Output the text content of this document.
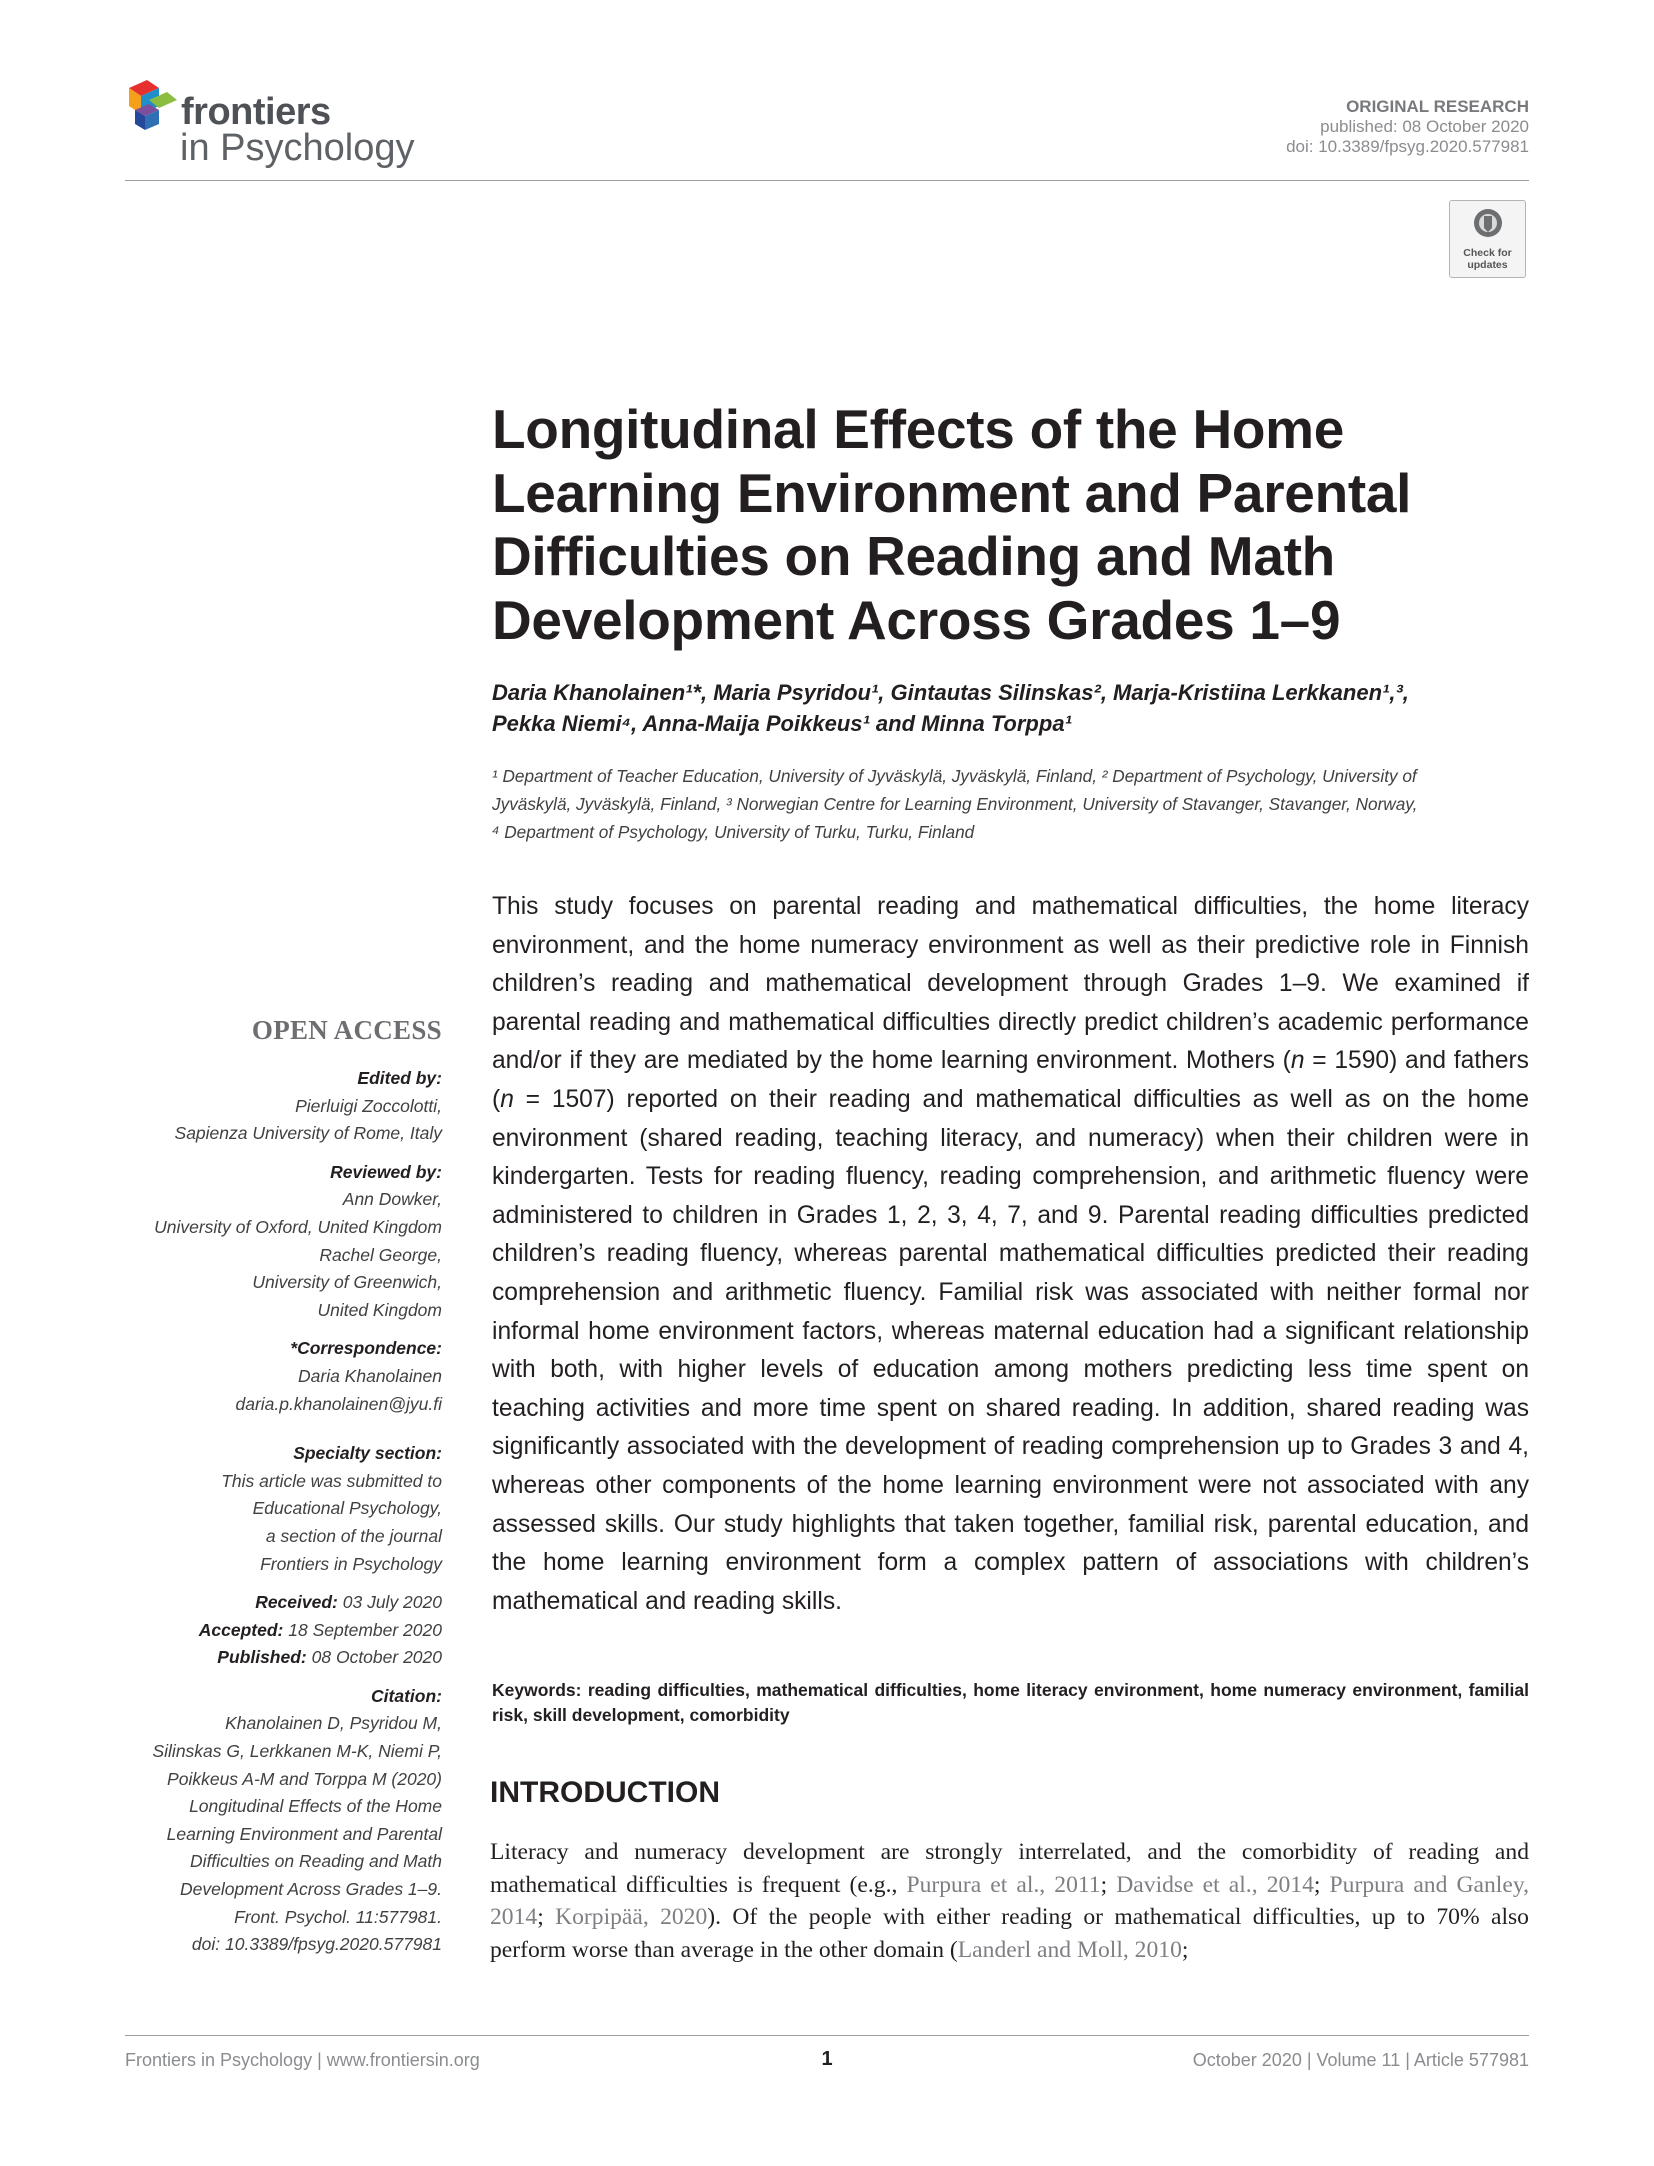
frontiers
in Psychology
ORIGINAL RESEARCH
published: 08 October 2020
doi: 10.3389/fpsyg.2020.577981
Check for updates
Longitudinal Effects of the Home
Learning Environment and Parental
Difficulties on Reading and Math
Development Across Grades 1–9
Daria Khanolainen¹*, Maria Psyridou¹, Gintautas Silinskas², Marja-Kristiina Lerkkanen¹,³,
Pekka Niemi⁴, Anna-Maija Poikkeus¹ and Minna Torppa¹
¹ Department of Teacher Education, University of Jyväskylä, Jyväskylä, Finland, ² Department of Psychology, University of
Jyväskylä, Jyväskylä, Finland, ³ Norwegian Centre for Learning Environment, University of Stavanger, Stavanger, Norway,
⁴ Department of Psychology, University of Turku, Turku, Finland
This study focuses on parental reading and mathematical difficulties, the home literacy environment, and the home numeracy environment as well as their predictive role in Finnish children’s reading and mathematical development through Grades 1–9. We examined if parental reading and mathematical difficulties directly predict children’s academic performance and/or if they are mediated by the home learning environment. Mothers (n = 1590) and fathers (n = 1507) reported on their reading and mathematical difficulties as well as on the home environment (shared reading, teaching literacy, and numeracy) when their children were in kindergarten. Tests for reading fluency, reading comprehension, and arithmetic fluency were administered to children in Grades 1, 2, 3, 4, 7, and 9. Parental reading difficulties predicted children’s reading fluency, whereas parental mathematical difficulties predicted their reading comprehension and arithmetic fluency. Familial risk was associated with neither formal nor informal home environment factors, whereas maternal education had a significant relationship with both, with higher levels of education among mothers predicting less time spent on teaching activities and more time spent on shared reading. In addition, shared reading was significantly associated with the development of reading comprehension up to Grades 3 and 4, whereas other components of the home learning environment were not associated with any assessed skills. Our study highlights that taken together, familial risk, parental education, and the home learning environment form a complex pattern of associations with children’s mathematical and reading skills.
Keywords: reading difficulties, mathematical difficulties, home literacy environment, home numeracy environment, familial risk, skill development, comorbidity
INTRODUCTION
Literacy and numeracy development are strongly interrelated, and the comorbidity of reading and mathematical difficulties is frequent (e.g., Purpura et al., 2011; Davidse et al., 2014; Purpura and Ganley, 2014; Korpipää, 2020). Of the people with either reading or mathematical difficulties, up to 70% also perform worse than average in the other domain (Landerl and Moll, 2010;
OPEN ACCESS
Edited by:
Pierluigi Zoccolotti,
Sapienza University of Rome, Italy
Reviewed by:
Ann Dowker,
University of Oxford, United Kingdom
Rachel George,
University of Greenwich,
United Kingdom
*Correspondence:
Daria Khanolainen
daria.p.khanolainen@jyu.fi
Specialty section:
This article was submitted to
Educational Psychology,
a section of the journal
Frontiers in Psychology
Received: 03 July 2020
Accepted: 18 September 2020
Published: 08 October 2020
Citation:
Khanolainen D, Psyridou M,
Silinskas G, Lerkkanen M-K, Niemi P,
Poikkeus A-M and Torppa M (2020)
Longitudinal Effects of the Home
Learning Environment and Parental
Difficulties on Reading and Math
Development Across Grades 1–9.
Front. Psychol. 11:577981.
doi: 10.3389/fpsyg.2020.577981
Frontiers in Psychology | www.frontiersin.org	1	October 2020 | Volume 11 | Article 577981
